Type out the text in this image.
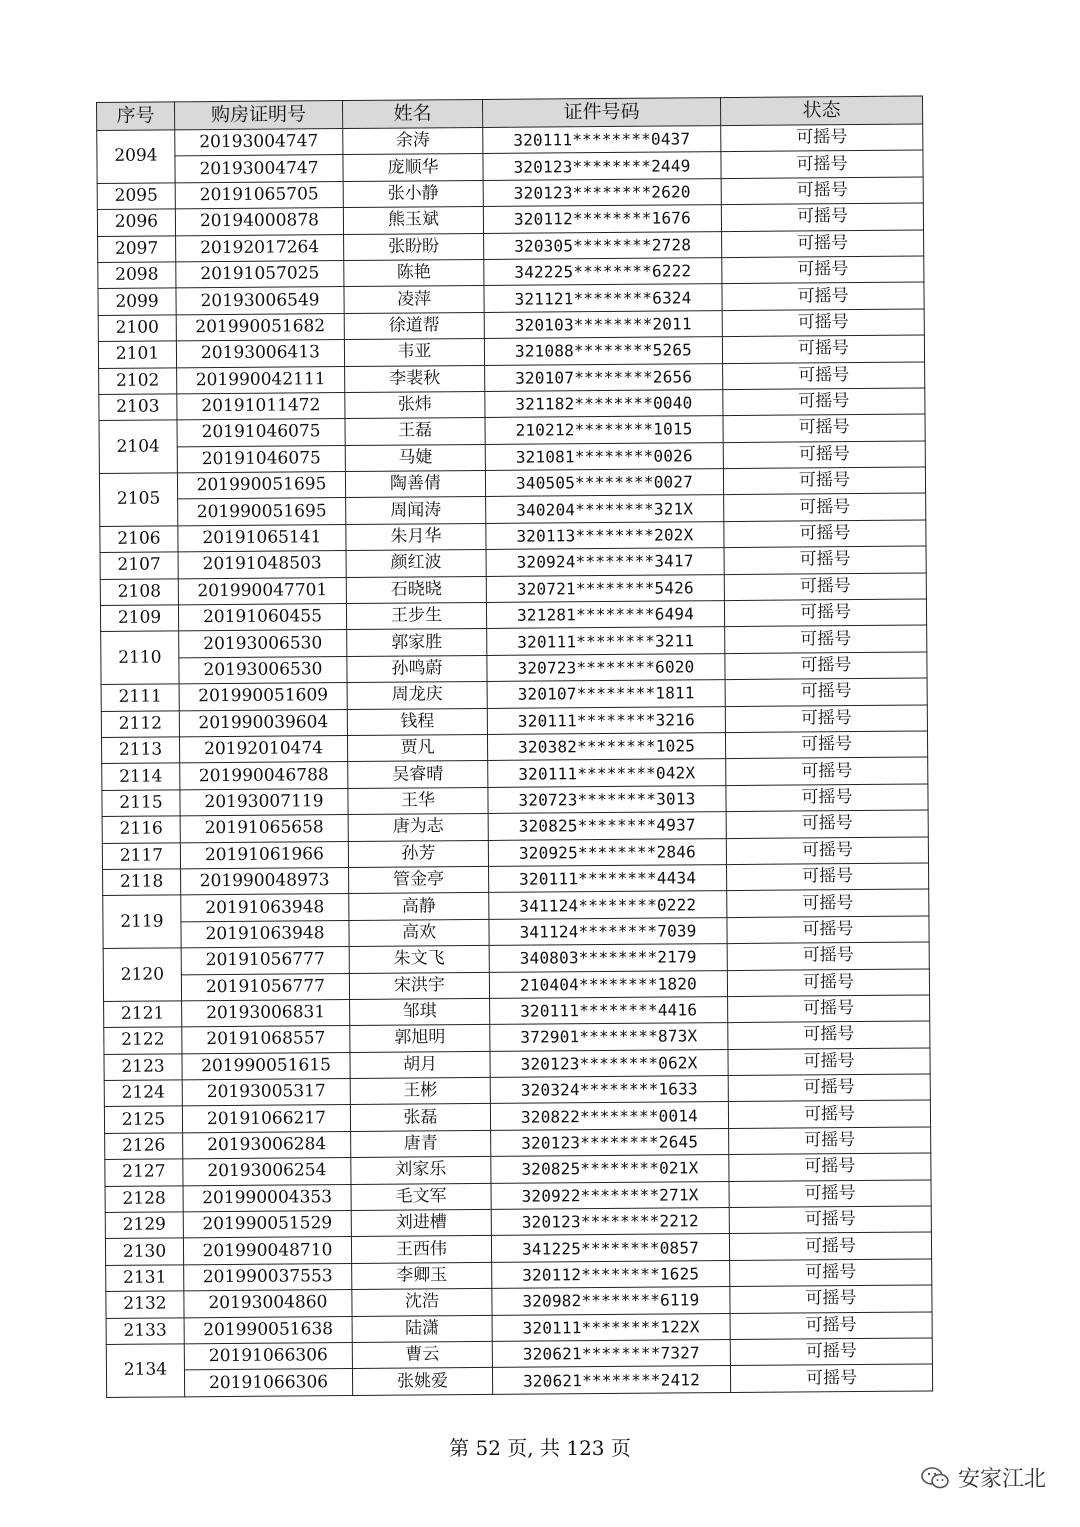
序号	购房证明号	姓名	证件号码	状态
2094	20193004747	余涛	320111********0437	可摇号
	20193004747	庞顺华	320123********2449	可摇号
2095	20191065705	张小静	320123********2620	可摇号
2096	20194000878	熊玉斌	320112********1676	可摇号
2097	20192017264	张盼盼	320305********2728	可摇号
2098	20191057025	陈艳	342225********6222	可摇号
2099	20193006549	凌萍	321121********6324	可摇号
2100	201990051682	徐道帮	320103********2011	可摇号
2101	20193006413	韦亚	321088********5265	可摇号
2102	201990042111	李裴秋	320107********2656	可摇号
2103	20191011472	张炜	321182********0040	可摇号
2104	20191046075	王磊	210212********1015	可摇号
	20191046075	马婕	321081********0026	可摇号
2105	201990051695	陶善倩	340505********0027	可摇号
	201990051695	周闻涛	340204********321X	可摇号
2106	20191065141	朱月华	320113********202X	可摇号
2107	20191048503	颜红波	320924********3417	可摇号
2108	201990047701	石晓晓	320721********5426	可摇号
2109	20191060455	王步生	321281********6494	可摇号
2110	20193006530	郭家胜	320111********3211	可摇号
	20193006530	孙鸣蔚	320723********6020	可摇号
2111	201990051609	周龙庆	320107********1811	可摇号
2112	201990039604	钱程	320111********3216	可摇号
2113	20192010474	贾凡	320382********1025	可摇号
2114	201990046788	吴睿晴	320111********042X	可摇号
2115	20193007119	王华	320723********3013	可摇号
2116	20191065658	唐为志	320825********4937	可摇号
2117	20191061966	孙芳	320925********2846	可摇号
2118	201990048973	管金亭	320111********4434	可摇号
2119	20191063948	高静	341124********0222	可摇号
	20191063948	高欢	341124********7039	可摇号
2120	20191056777	朱文飞	340803********2179	可摇号
	20191056777	宋洪宇	210404********1820	可摇号
2121	20193006831	邹琪	320111********4416	可摇号
2122	20191068557	郭旭明	372901********873X	可摇号
2123	201990051615	胡月	320123********062X	可摇号
2124	20193005317	王彬	320324********1633	可摇号
2125	20191066217	张磊	320822********0014	可摇号
2126	20193006284	唐青	320123********2645	可摇号
2127	20193006254	刘家乐	320825********021X	可摇号
2128	201990004353	毛文军	320922********271X	可摇号
2129	201990051529	刘进槽	320123********2212	可摇号
2130	201990048710	王西伟	341225********0857	可摇号
2131	201990037553	李卿玉	320112********1625	可摇号
2132	20193004860	沈浩	320982********6119	可摇号
2133	201990051638	陆潇	320111********122X	可摇号
2134	20191066306	曹云	320621********7327	可摇号
	20191066306	张姚爱	320621********2412	可摇号
第 52 页, 共 123 页
安家江北
